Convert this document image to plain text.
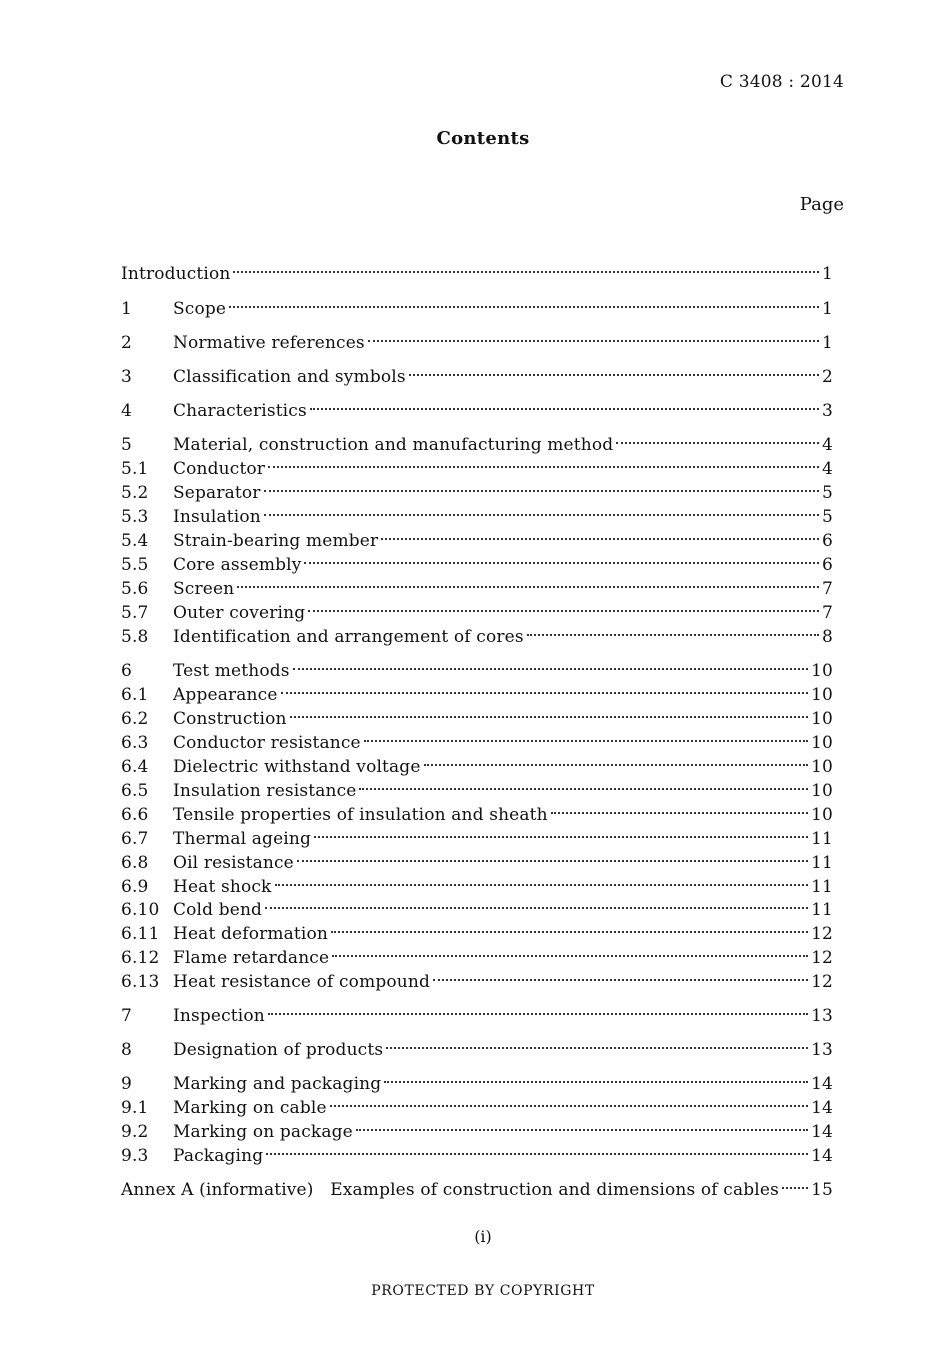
C 3408 : 2014
Contents
Page
Introduction	1
1	Scope	1
2	Normative references	1
3	Classification and symbols	2
4	Characteristics	3
5	Material, construction and manufacturing method	4
5.1	Conductor	4
5.2	Separator	5
5.3	Insulation	5
5.4	Strain-bearing member	6
5.5	Core assembly	6
5.6	Screen	7
5.7	Outer covering	7
5.8	Identification and arrangement of cores	8
6	Test methods	10
6.1	Appearance	10
6.2	Construction	10
6.3	Conductor resistance	10
6.4	Dielectric withstand voltage	10
6.5	Insulation resistance	10
6.6	Tensile properties of insulation and sheath	10
6.7	Thermal ageing	11
6.8	Oil resistance	11
6.9	Heat shock	11
6.10 Cold bend	11
6.11 Heat deformation	12
6.12 Flame retardance	12
6.13 Heat resistance of compound	12
7	Inspection	13
8	Designation of products	13
9	Marking and packaging	14
9.1	Marking on cable	14
9.2	Marking on package	14
9.3	Packaging	14
Annex A (informative)   Examples of construction and dimensions of cables 15
(i)
PROTECTED BY COPYRIGHT
